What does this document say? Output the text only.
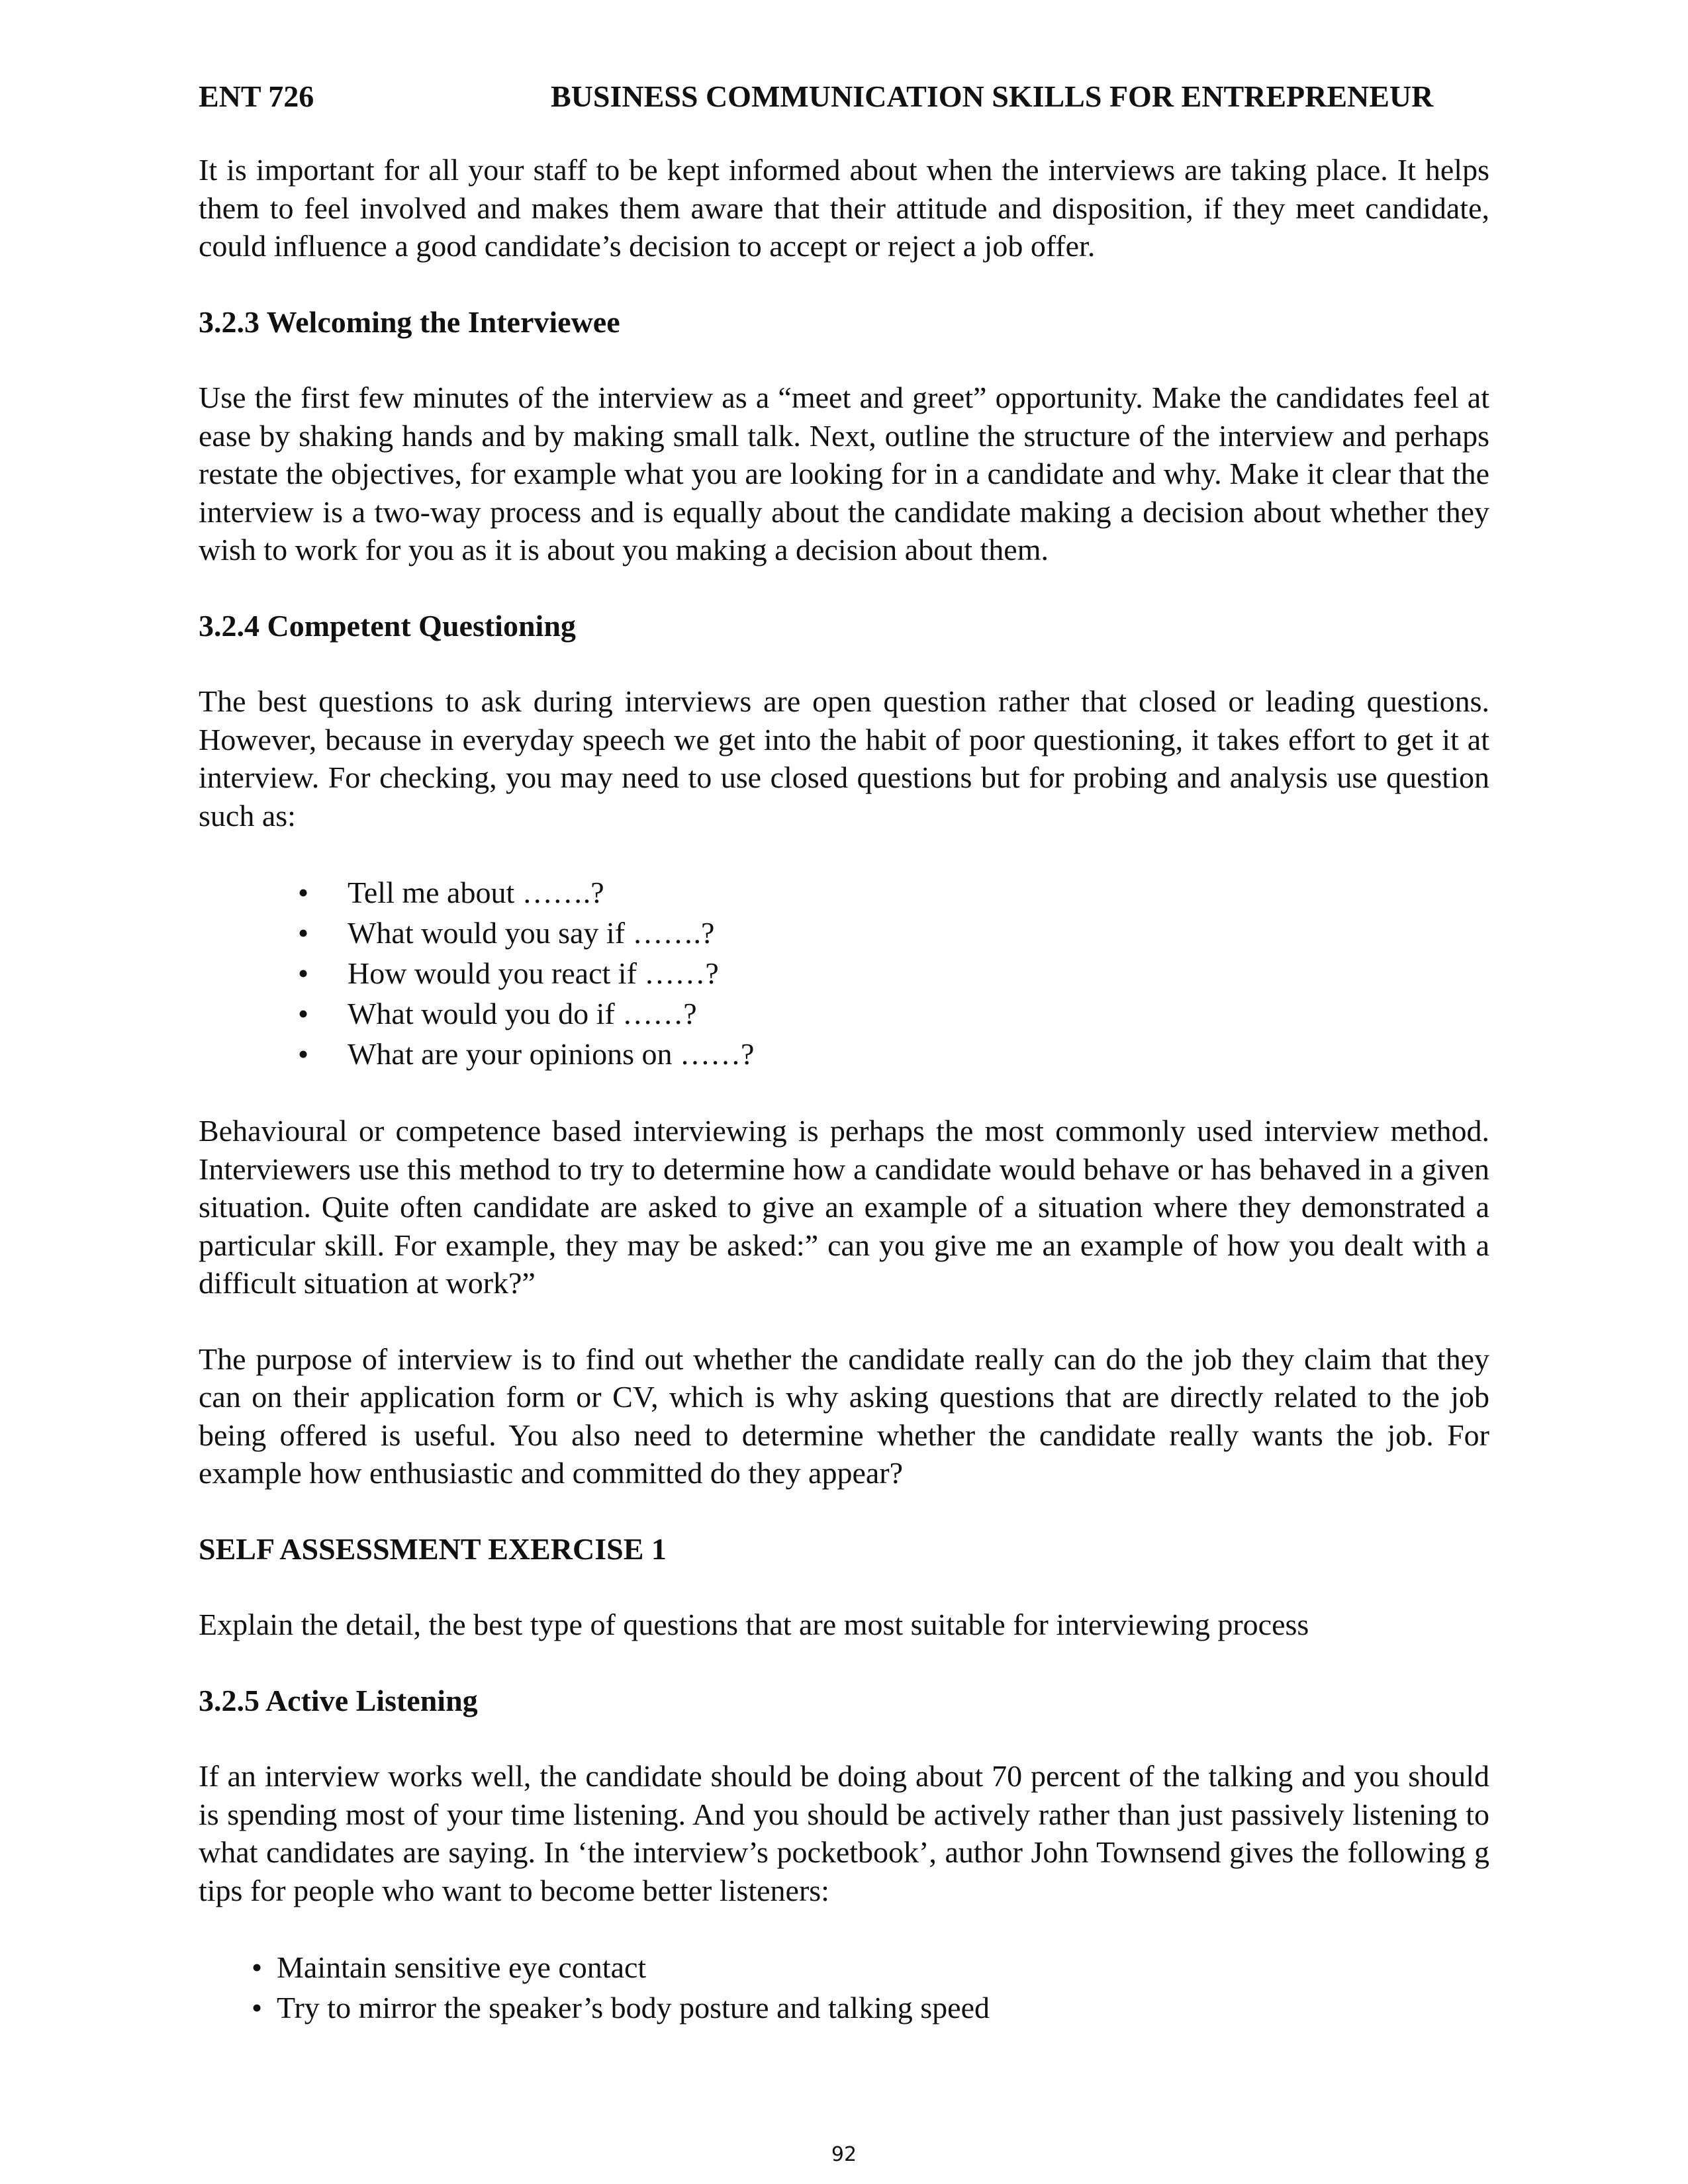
ENT 726	BUSINESS COMMUNICATION SKILLS FOR ENTREPRENEUR

It is important for all your staff to be kept informed about when the interviews are taking place. It helps them to feel involved and makes them aware that their attitude and disposition, if they meet candidate, could influence a good candidate’s decision to accept or reject a job offer.

3.2.3 Welcoming the Interviewee

Use the first few minutes of the interview as a “meet and greet” opportunity. Make the candidates feel at ease by shaking hands and by making small talk. Next, outline the structure of the interview and perhaps restate the objectives, for example what you are looking for in a candidate and why. Make it clear that the interview is a two-way process and is equally about the candidate making a decision about whether they wish to work for you as it is about you making a decision about them.

3.2.4 Competent Questioning

The best questions to ask during interviews are open question rather that closed or leading questions. However, because in everyday speech we get into the habit of poor questioning, it takes effort to get it at interview. For checking, you may need to use closed questions but for probing and analysis use question such as:

• Tell me about …….?
• What would you say if …….?
• How would you react if ……?
• What would you do if ……?
• What are your opinions on ……?

Behavioural or competence based interviewing is perhaps the most commonly used interview method. Interviewers use this method to try to determine how a candidate would behave or has behaved in a given situation. Quite often candidate are asked to give an example of a situation where they demonstrated a particular skill. For example, they may be asked:” can you give me an example of how you dealt with a difficult situation at work?”

The purpose of interview is to find out whether the candidate really can do the job they claim that they can on their application form or CV, which is why asking questions that are directly related to the job being offered is useful. You also need to determine whether the candidate really wants the job. For example how enthusiastic and committed do they appear?

SELF ASSESSMENT EXERCISE 1

Explain the detail, the best type of questions that are most suitable for interviewing process

3.2.5 Active Listening

If an interview works well, the candidate should be doing about 70 percent of the talking and you should is spending most of your time listening. And you should be actively rather than just passively listening to what candidates are saying. In ‘the interview’s pocketbook’, author John Townsend gives the following g tips for people who want to become better listeners:

• Maintain sensitive eye contact
• Try to mirror the speaker’s body posture and talking speed
92
